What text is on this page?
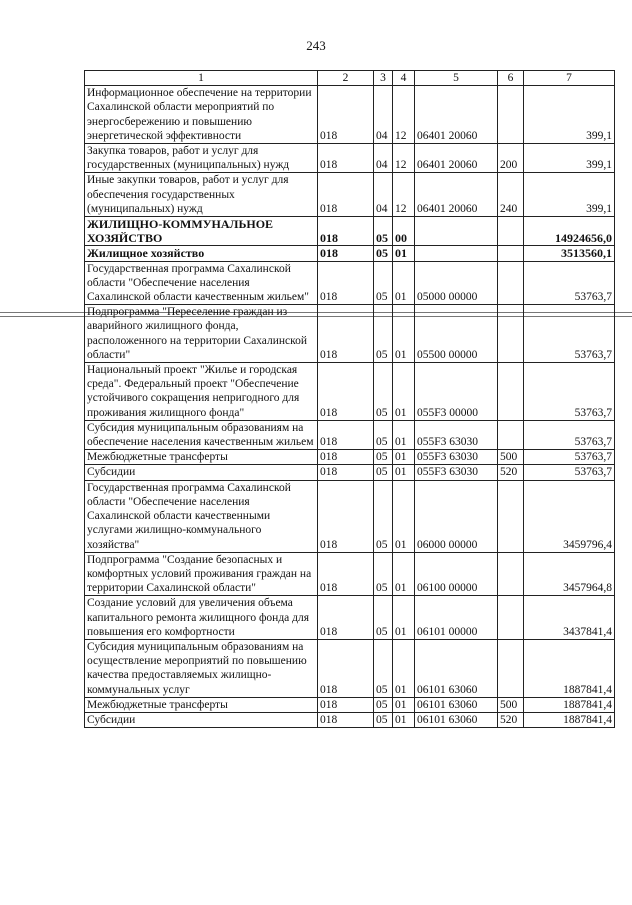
243
1	2	3	4	5	6	7
Информационное обеспечение на территории Сахалинской области мероприятий по энергосбережению и повышению энергетической эффективности	018	04	12	06401 20060		399,1
Закупка товаров, работ и услуг для государственных (муниципальных) нужд	018	04	12	06401 20060	200	399,1
Иные закупки товаров, работ и услуг для обеспечения государственных (муниципальных) нужд	018	04	12	06401 20060	240	399,1
ЖИЛИЩНО-КОММУНАЛЬНОЕ ХОЗЯЙСТВО	018	05	00			14924656,0
Жилищное хозяйство	018	05	01			3513560,1
Государственная программа Сахалинской области "Обеспечение населения Сахалинской области качественным жильем"	018	05	01	05000 00000		53763,7
Подпрограмма "Переселение граждан из аварийного жилищного фонда, расположенного на территории Сахалинской области"	018	05	01	05500 00000		53763,7
Национальный проект "Жилье и городская среда". Федеральный проект "Обеспечение устойчивого сокращения непригодного для проживания жилищного фонда"	018	05	01	055F3 00000		53763,7
Субсидия муниципальным образованиям на обеспечение населения качественным жильем	018	05	01	055F3 63030		53763,7
Межбюджетные трансферты	018	05	01	055F3 63030	500	53763,7
Субсидии	018	05	01	055F3 63030	520	53763,7
Государственная программа Сахалинской области "Обеспечение населения Сахалинской области качественными услугами жилищно-коммунального хозяйства"	018	05	01	06000 00000		3459796,4
Подпрограмма "Создание безопасных и комфортных условий проживания граждан на территории Сахалинской области"	018	05	01	06100 00000		3457964,8
Создание условий для увеличения объема капитального ремонта жилищного фонда для повышения его комфортности	018	05	01	06101 00000		3437841,4
Субсидия муниципальным образованиям на осуществление мероприятий по повышению качества предоставляемых жилищно-коммунальных услуг	018	05	01	06101 63060		1887841,4
Межбюджетные трансферты	018	05	01	06101 63060	500	1887841,4
Субсидии	018	05	01	06101 63060	520	1887841,4
